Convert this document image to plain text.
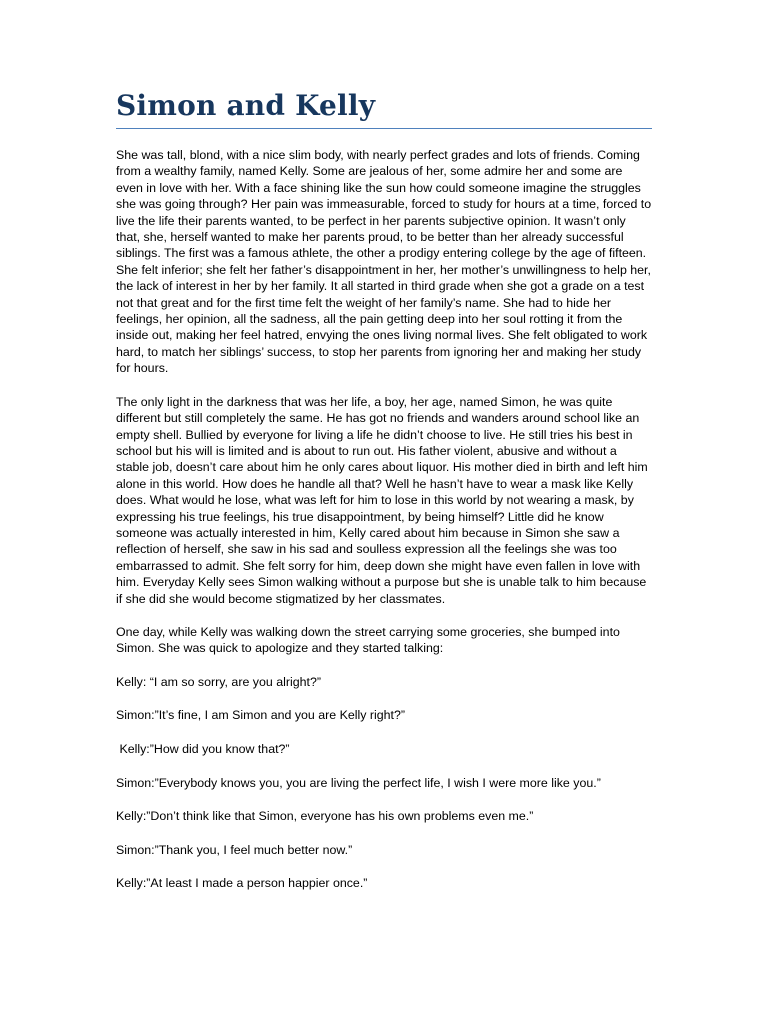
Simon and Kelly

She was tall, blond, with a nice slim body, with nearly perfect grades and lots of friends. Coming from a wealthy family, named Kelly. Some are jealous of her, some admire her and some are even in love with her. With a face shining like the sun how could someone imagine the struggles she was going through? Her pain was immeasurable, forced to study for hours at a time, forced to live the life their parents wanted, to be perfect in her parents subjective opinion. It wasn’t only that, she, herself wanted to make her parents proud, to be better than her already successful siblings. The first was a famous athlete, the other a prodigy entering college by the age of fifteen. She felt inferior; she felt her father’s disappointment in her, her mother’s unwillingness to help her, the lack of interest in her by her family. It all started in third grade when she got a grade on a test not that great and for the first time felt the weight of her family’s name. She had to hide her feelings, her opinion, all the sadness, all the pain getting deep into her soul rotting it from the inside out, making her feel hatred, envying the ones living normal lives. She felt obligated to work hard, to match her siblings’ success, to stop her parents from ignoring her and making her study for hours.

The only light in the darkness that was her life, a boy, her age, named Simon, he was quite different but still completely the same. He has got no friends and wanders around school like an empty shell. Bullied by everyone for living a life he didn’t choose to live. He still tries his best in school but his will is limited and is about to run out. His father violent, abusive and without a stable job, doesn’t care about him he only cares about liquor. His mother died in birth and left him alone in this world. How does he handle all that? Well he hasn’t have to wear a mask like Kelly does. What would he lose, what was left for him to lose in this world by not wearing a mask, by expressing his true feelings, his true disappointment, by being himself? Little did he know someone was actually interested in him, Kelly cared about him because in Simon she saw a reflection of herself, she saw in his sad and soulless expression all the feelings she was too embarrassed to admit. She felt sorry for him, deep down she might have even fallen in love with him. Everyday Kelly sees Simon walking without a purpose but she is unable talk to him because if she did she would become stigmatized by her classmates.

One day, while Kelly was walking down the street carrying some groceries, she bumped into Simon. She was quick to apologize and they started talking:

Kelly: “I am so sorry, are you alright?”

Simon:”It’s fine, I am Simon and you are Kelly right?”

Kelly:”How did you know that?”

Simon:”Everybody knows you, you are living the perfect life, I wish I were more like you.”

Kelly:”Don’t think like that Simon, everyone has his own problems even me.”

Simon:”Thank you, I feel much better now.”

Kelly:”At least I made a person happier once.”
